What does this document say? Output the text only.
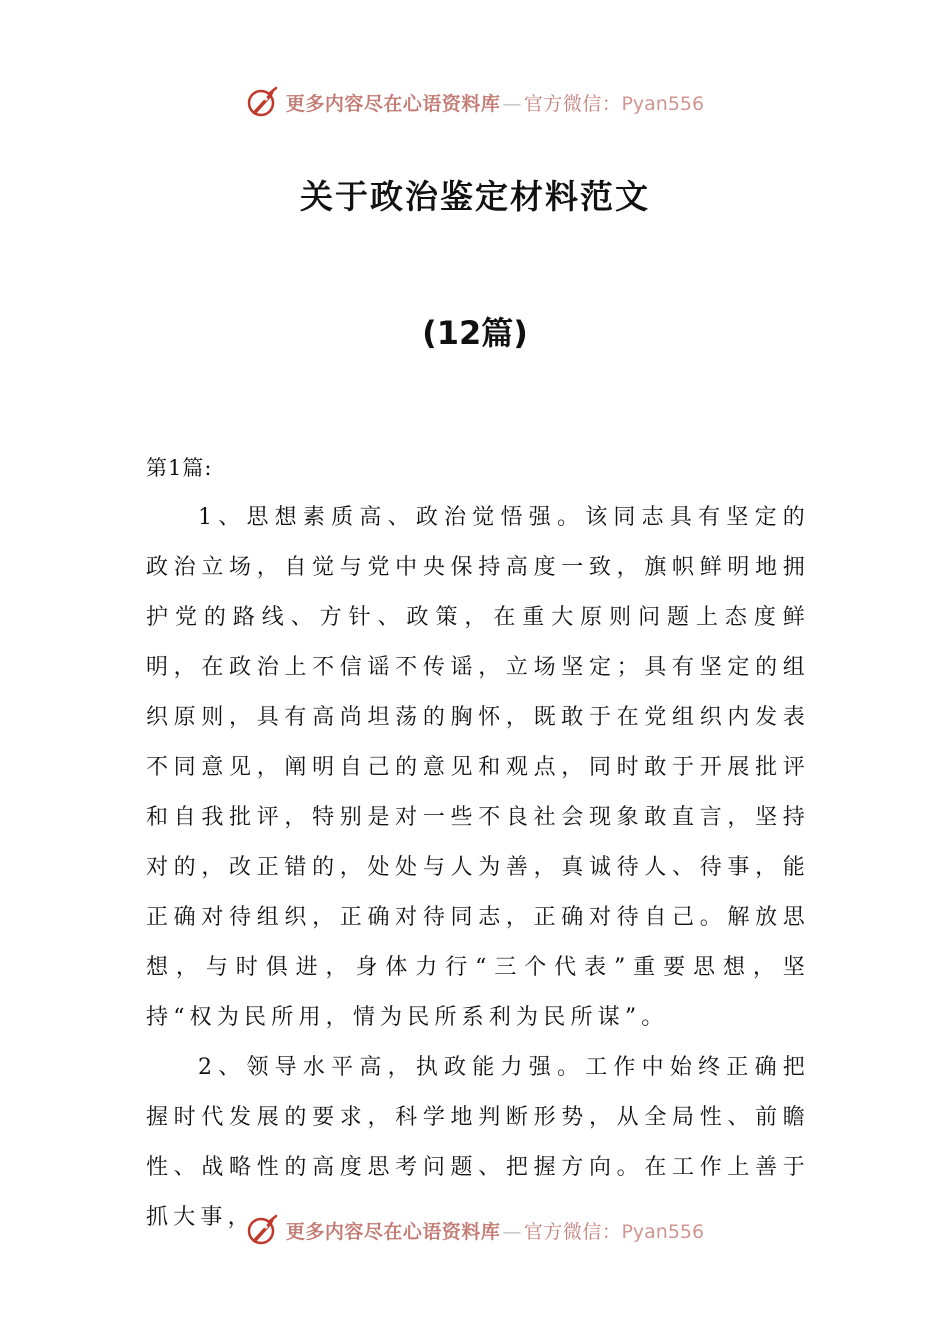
更多内容尽在心语资料库 — 官方微信：Pyan556
关于政治鉴定材料范文
(12篇)
第1篇:

1、思想素质高、政治觉悟强。该同志具有坚定的政治立场，自觉与党中央保持高度一致，旗帜鲜明地拥护党的路线、方针、政策，在重大原则问题上态度鲜明，在政治上不信谣不传谣，立场坚定；具有坚定的组织原则，具有高尚坦荡的胸怀，既敢于在党组织内发表不同意见，阐明自己的意见和观点，同时敢于开展批评和自我批评，特别是对一些不良社会现象敢直言，坚持对的，改正错的，处处与人为善，真诚待人、待事，能正确对待组织，正确对待同志，正确对待自己。解放思想，与时俱进，身体力行“三个代表”重要思想，坚持“权为民所用，情为民所系利为民所谋”。

2、领导水平高，执政能力强。工作中始终正确把握时代发展的要求，科学地判断形势，从全局性、前瞻性、战略性的高度思考问题、把握方向。在工作上善于抓大事，

更多内容尽在心语资料库 — 官方微信：Pyan556
